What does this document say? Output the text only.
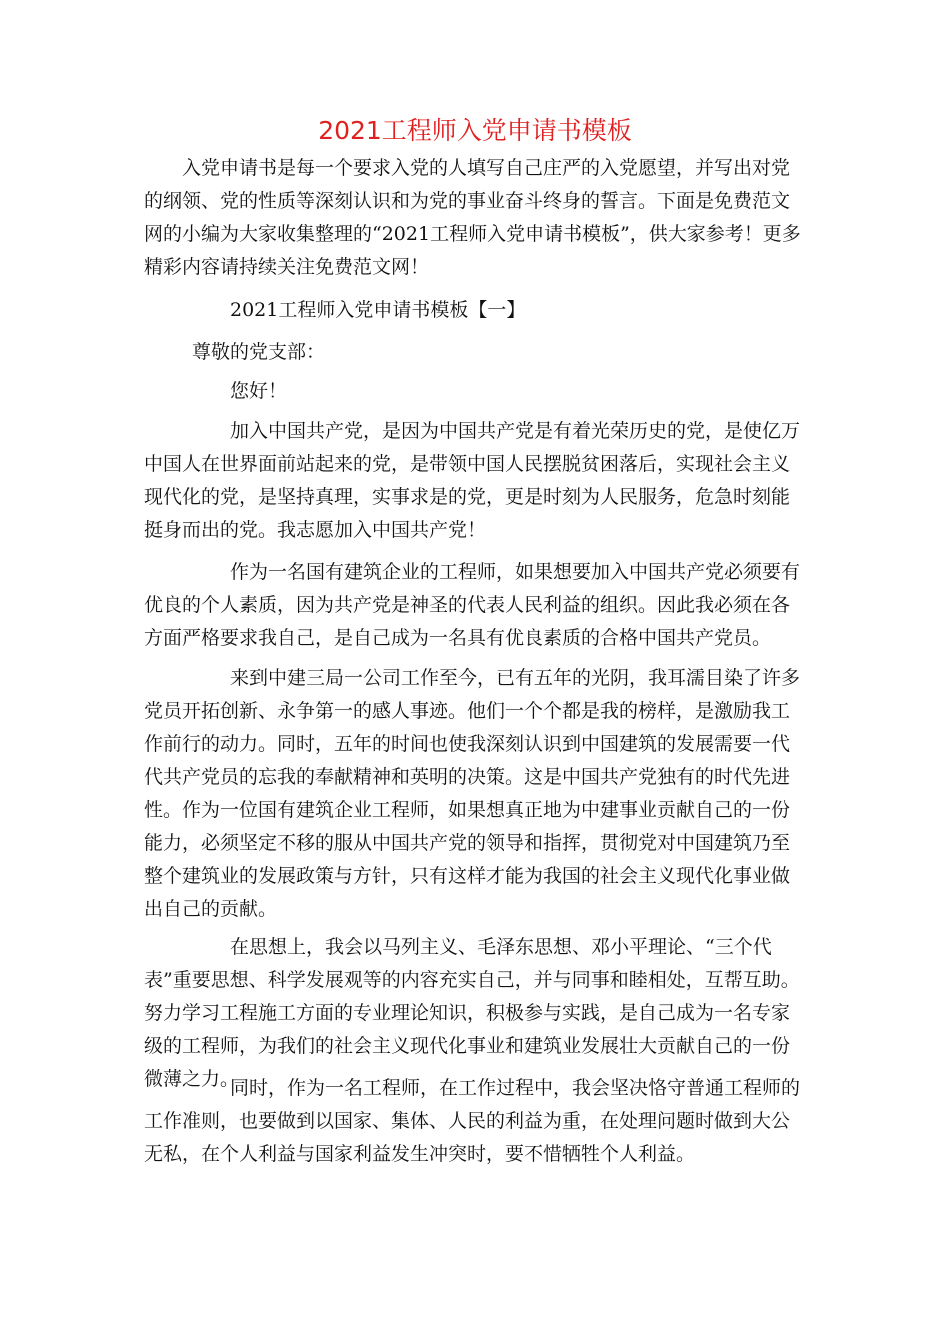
2021工程师入党申请书模板

入党申请书是每一个要求入党的人填写自己庄严的入党愿望，并写出对党的纲领、党的性质等深刻认识和为党的事业奋斗终身的誓言。下面是免费范文网的小编为大家收集整理的“2021工程师入党申请书模板”，供大家参考！更多精彩内容请持续关注免费范文网！

2021工程师入党申请书模板【一】

尊敬的党支部：

您好！

加入中国共产党，是因为中国共产党是有着光荣历史的党，是使亿万中国人在世界面前站起来的党，是带领中国人民摆脱贫困落后，实现社会主义现代化的党，是坚持真理，实事求是的党，更是时刻为人民服务，危急时刻能挺身而出的党。我志愿加入中国共产党！

作为一名国有建筑企业的工程师，如果想要加入中国共产党必须要有优良的个人素质，因为共产党是神圣的代表人民利益的组织。因此我必须在各方面严格要求我自己，是自己成为一名具有优良素质的合格中国共产党员。

来到中建三局一公司工作至今，已有五年的光阴，我耳濡目染了许多党员开拓创新、永争第一的感人事迹。他们一个个都是我的榜样，是激励我工作前行的动力。同时，五年的时间也使我深刻认识到中国建筑的发展需要一代代共产党员的忘我的奉献精神和英明的决策。这是中国共产党独有的时代先进性。作为一位国有建筑企业工程师，如果想真正地为中建事业贡献自己的一份能力，必须坚定不移的服从中国共产党的领导和指挥，贯彻党对中国建筑乃至整个建筑业的发展政策与方针，只有这样才能为我国的社会主义现代化事业做出自己的贡献。

在思想上，我会以马列主义、毛泽东思想、邓小平理论、“三个代表”重要思想、科学发展观等的内容充实自己，并与同事和睦相处，互帮互助。努力学习工程施工方面的专业理论知识，积极参与实践，是自己成为一名专家级的工程师，为我们的社会主义现代化事业和建筑业发展壮大贡献自己的一份微薄之力。

同时，作为一名工程师，在工作过程中，我会坚决恪守普通工程师的工作准则，也要做到以国家、集体、人民的利益为重，在处理问题时做到大公无私，在个人利益与国家利益发生冲突时，要不惜牺牲个人利益。
